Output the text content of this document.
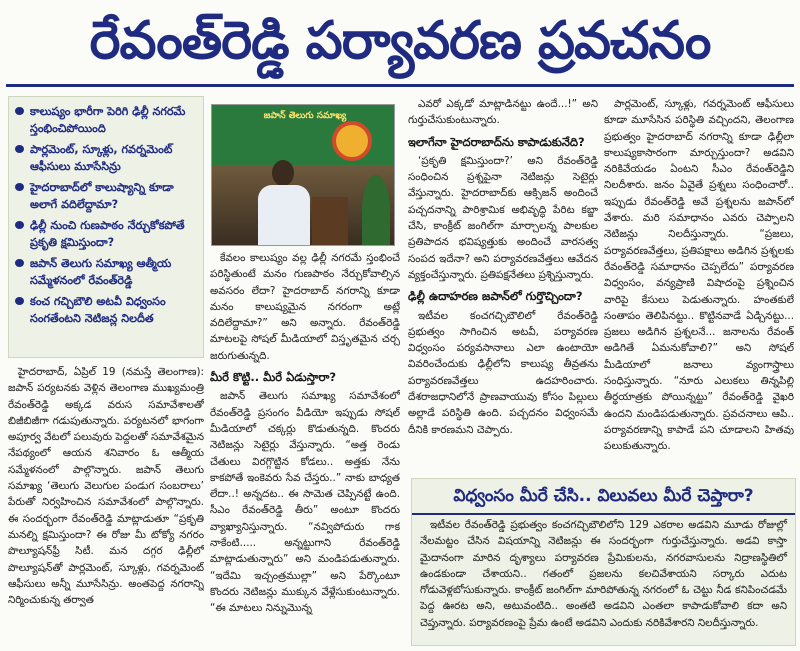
రేవంత్‌రెడ్డి పర్యావరణ ప్రవచనం
కాలుష్యం భారీగా పెరిగి ఢిల్లీ నగరమే స్తంభించిపోయింది
పార్లమెంట్‌, స్కూళ్లు, గవర్నమెంట్‌ ఆఫీసులు మూసేసిన్రు
హైదరాబాద్‌లో కాలుష్యాన్ని కూడా అలాగే వదిలేద్దామా?
ఢిల్లీ నుంచి గుణపాఠం నేర్చుకోకపోతే ప్రకృతి క్షమిస్తుందా?
జపాన్‌ తెలుగు సమాఖ్య ఆత్మీయ సమ్మేళనంలో రేవంత్‌రెడ్డి
కంచ గచ్చిబౌలి అటవీ విధ్వంసం సంగతేంటని నెటిజన్ల నిలదీత

హైదరాబాద్‌, ఏప్రిల్‌ 19 (నమస్తే తెలంగాణ): జపాన్‌ పర్యటనకు వెళ్లిన తెలంగాణ ముఖ్యమంత్రి రేవంత్‌రెడ్డి అక్కడ వరుస సమావేశాలతో బిజీబిజీగా గడుపుతున్నారు. పర్యటనలో భాగంగా అపూర్వ వేటలో పలువురు పెద్దలతో సమావేశమైన నేపథ్యంలో ఆయన శనివారం ఓ ఆత్మీయ సమ్మేళనంలో పాల్గొన్నారు. జపాన్‌ తెలుగు సమాఖ్య ‘తెలుగు వెలుగుల పండుగ సంబరాలు’ పేరుతో నిర్వహించిన సమావేశంలో పాల్గొన్నారు. ఈ సందర్భంగా రేవంత్‌రెడ్డి మాట్లాడుతూ “ప్రకృతి మనల్ని క్షమిస్తుందా? ఈ రోజు మీ టోక్యో నగరం పొల్యూషన్‌ఫ్రీ సిటీ. మన దగ్గర ఢిల్లీలో పొల్యూషన్‌తో పార్లమెంట్‌, స్కూళ్లు, గవర్నమెంట్‌ ఆఫీసులు అన్నీ మూసేసిన్రు. అంతపెద్ద నగరాన్ని నిర్మించుకున్న తర్వాత

జపాన్‌ తెలుగు సమాఖ్య

కేవలం కాలుష్యం వల్ల ఢిల్లీ నగరమే స్తంభించే పరిస్థితుంటే మనం గుణపాఠం నేర్చుకోవాల్సిన అవసరం లేదా? హైదరాబాద్‌ నగరాన్ని కూడా మనం కాలుష్యమైన నగరంగా అట్లే వదిలేద్దామా?” అని అన్నారు. రేవంత్‌రెడ్డి మాటలపై సోషల్‌ మీడియాలో విస్తృతమైన చర్చ జరుగుతున్నది.

మీరే కొట్టి.. మీరే ఏడుస్తారా?

జపాన్‌ తెలుగు సమాఖ్య సమావేశంలో రేవంత్‌రెడ్డి ప్రసంగం వీడియో ఇప్పుడు సోషల్‌ మీడియాలో చక్కర్లు కొడుతున్నది. కొందరు నెటిజన్లు సెటైర్లు వేస్తున్నారు. “అత్త రెండు చేతులు విరగ్గొట్టిన కోడలు.. అత్తకు నేను కాకపోతే ఇంకెవరు సేవ చేస్తరు..” నాకు బాధ్యత లేదా..! అన్నదట.. ఈ సామెత చెప్పినట్టే ఉంది. సీఎం రేవంత్‌రెడ్డి తీరు” అంటూ కొందరు వ్యాఖ్యానిస్తున్నారు. “నవ్విపోదురు గాక నాకేంటి..... అన్నట్టుగాని రేవంత్‌రెడ్డి మాట్లాడుతున్నారు” అని మండిపడుతున్నారు. “ఇదేమి ఇచ్చంత్రముల్లా” అని పేర్కొంటూ కొందరు నెటిజన్లు ముక్కున వేళ్లేసుకుంటున్నారు. “ఈ మాటలు నిన్నుమొన్న

ఎవరో ఎక్కడో మాట్లాడినట్టు ఉందే...!” అని గుర్తుచేసుకుంటున్నారు.

ఇలాగేనా హైదరాబాద్‌ను కాపాడుకునేది?

‘ప్రకృతి క్షమిస్తుందా?’ అని రేవంత్‌రెడ్డి సంధించిన ప్రశ్నపైనా నెటిజన్లు సెటైర్లు వేస్తున్నారు. హైదరాబాద్‌కు ఆక్సిజన్‌ అందించే పచ్చదనాన్ని పారిశ్రామిక అభివృద్ధి పేరిట కబ్జా చేసి, కాంక్రీట్‌ జంగిల్‌గా మార్చాలన్న పాలకుల ప్రతిపాదన భవిష్యత్తుకు అందించే వారసత్వ సంపద ఇదేనా? అని పర్యావరణవేత్తలు ఆవేదన వ్యక్తంచేస్తున్నారు. ప్రతిపక్షనేతలు ప్రశ్నిస్తున్నారు.

ఢిల్లీ ఉదాహరణ జపాన్‌లో గుర్తొచ్చిందా?

ఇటీవల కంచగచ్చిబౌలిలో రేవంత్‌రెడ్డి ప్రభుత్వం సాగించిన అటవీ, పర్యావరణ విధ్వంసం పర్యవసానాలు ఎలా ఉంటాయో వివరించేందుకు ఢిల్లీలోని కాలుష్య తీవ్రతను పర్యావరణవేత్తలు ఉదహరించారు. దేశరాజధానిలోనే ప్రాణవాయువు కోసం పిల్లులు అల్లాడే పరిస్థితి ఉంది. పచ్చదనం విధ్వంసమే దీనికి కారణమని చెప్పారు.

పార్లమెంట్‌, స్కూళ్లు, గవర్నమెంట్‌ ఆఫీసులు కూడా మూసేసిన పరిస్థితి వచ్చిందని, తెలంగాణ ప్రభుత్వం హైదరాబాద్‌ నగరాన్ని కూడా ఢిల్లీలా కాలుష్యకాసారంగా మార్చుస్తుందా? అడవిని నరికివేయడం ఏంటని సీఎం రేవంత్‌రెడ్డిని నిలదీశారు. జనం ఏవైతే ప్రశ్నలు సంధించారో.. ఇప్పుడు రేవంత్‌రెడ్డి అవే ప్రశ్నలను జపాన్‌లో వేశారు. మరి సమాధానం ఎవరు చెప్పాలని నెటిజన్లు నిలదీస్తున్నారు. “ప్రజలు, పర్యావరణవేత్తలు, ప్రతిపక్షాలు అడిగిన ప్రశ్నలకు రేవంత్‌రెడ్డి సమాధానం చెప్పలేదు” పర్యావరణ విధ్వంసం, వన్యప్రాణి విషాదంపై ప్రశ్నించిన వారిపై కేసులు పెడుతున్నారు. హంతకులే సంతాపం తెలిపినట్టు.. కొట్టినవాడే ఏడ్చినట్టు... ప్రజలు అడిగిన ప్రశ్నలనే... జనాలను రేవంత్‌ అడిగితే ఏమనుకోవాలి?” అని సోషల్‌ మీడియాలో జనాలు వ్యంగాస్త్రాలు సంధిస్తున్నారు. “నూరు ఎలుకలు తిన్నపిల్లి తీర్థయాత్రకు పోయిన్నట్టు” రేవంత్‌రెడ్డి వైఖరి ఉందని మండిపడుతున్నారు. ప్రవచనాలు ఆపి.. పర్యావరణాన్ని కాపాడే పని చూడాలని హితవు పలుకుతున్నారు.

విధ్వంసం మీరే చేసి.. విలువలు మీరే చెప్తారా?

ఇటీవల రేవంత్‌రెడ్డి ప్రభుత్వం కంచగచ్చిబౌలిలోని 129 ఎకరాల అడవిని మూడు రోజుల్లో నేలమట్టం చేసిన విషయాన్ని నెటిజన్లు ఈ సందర్భంగా గుర్తుచేస్తున్నారు. అడవి కాస్తా మైదానంగా మారిన దృశ్యాలు పర్యావరణ ప్రేమికులను, నగరవాసులను నిద్రాణస్థితిలో ఉండకుండా చేశాయని.. గతంలో ప్రజలను కలచివేశాయని సర్కారు ఎదుట గోడువెళ్లబోసుకున్నారు. కాంక్రీట్‌ జంగిల్‌గా మారిపోతున్న నగరంలో ఓ చెట్టు నీడ కనిపించడమే పెద్ద ఊరట అని, అటువంటిది.. అంతటి అడవిని ఎంతలా కాపాడుకోవాలి కదా అని చెప్తున్నారు. పర్యావరణంపై ప్రేమ ఉంటే అడవిని ఎందుకు నరికివేశారని నిలదీస్తున్నారు.
